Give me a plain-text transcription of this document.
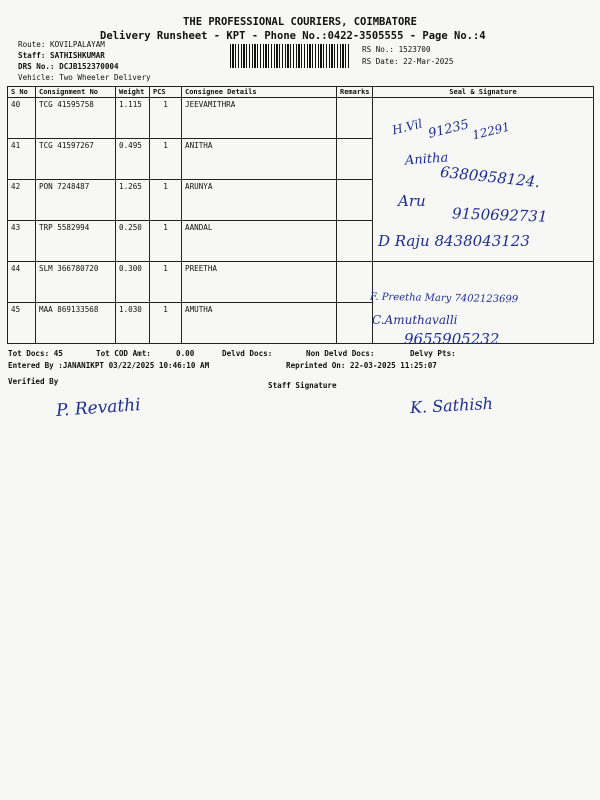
THE PROFESSIONAL COURIERS, COIMBATORE
Delivery Runsheet - KPT - Phone No.:0422-3505555 - Page No.:4
Route: KOVILPALAYAM
Staff: SATHISHKUMAR
DRS No.: DCJB152370004
Vehicle: Two Wheeler Delivery
RS No.: 1523700
RS Date: 22-Mar-2025
S No	Consignment No	Weight	PCS	Consignee Details	Remarks	Seal & Signature
40	TCG 41595758	1.115	1	JEEVAMITHRA		
41	TCG 41597267	0.495	1	ANITHA		
42	PON 7248487	1.265	1	ARUNYA		
43	TRP 5582994	0.250	1	AANDAL		
44	SLM 366780720	0.300	1	PREETHA		
45	MAA 869133568	1.030	1	AMUTHA		
H.Vil 91235 12291
Anitha
6380958124.
Aru
9150692731
D Raju 8438043123
F. Preetha Mary 7402123699
C.Amuthavalli
9655905232
Tot Docs: 45	Tot COD Amt:	0.00	Delvd Docs:	Non Delvd Docs:	Delvy Pts:
Entered By :JANANIKPT 03/22/2025 10:46:10 AM	Reprinted On: 22-03-2025 11:25:07
Verified By	Staff Signature
P. Revathi	K. Sathish
